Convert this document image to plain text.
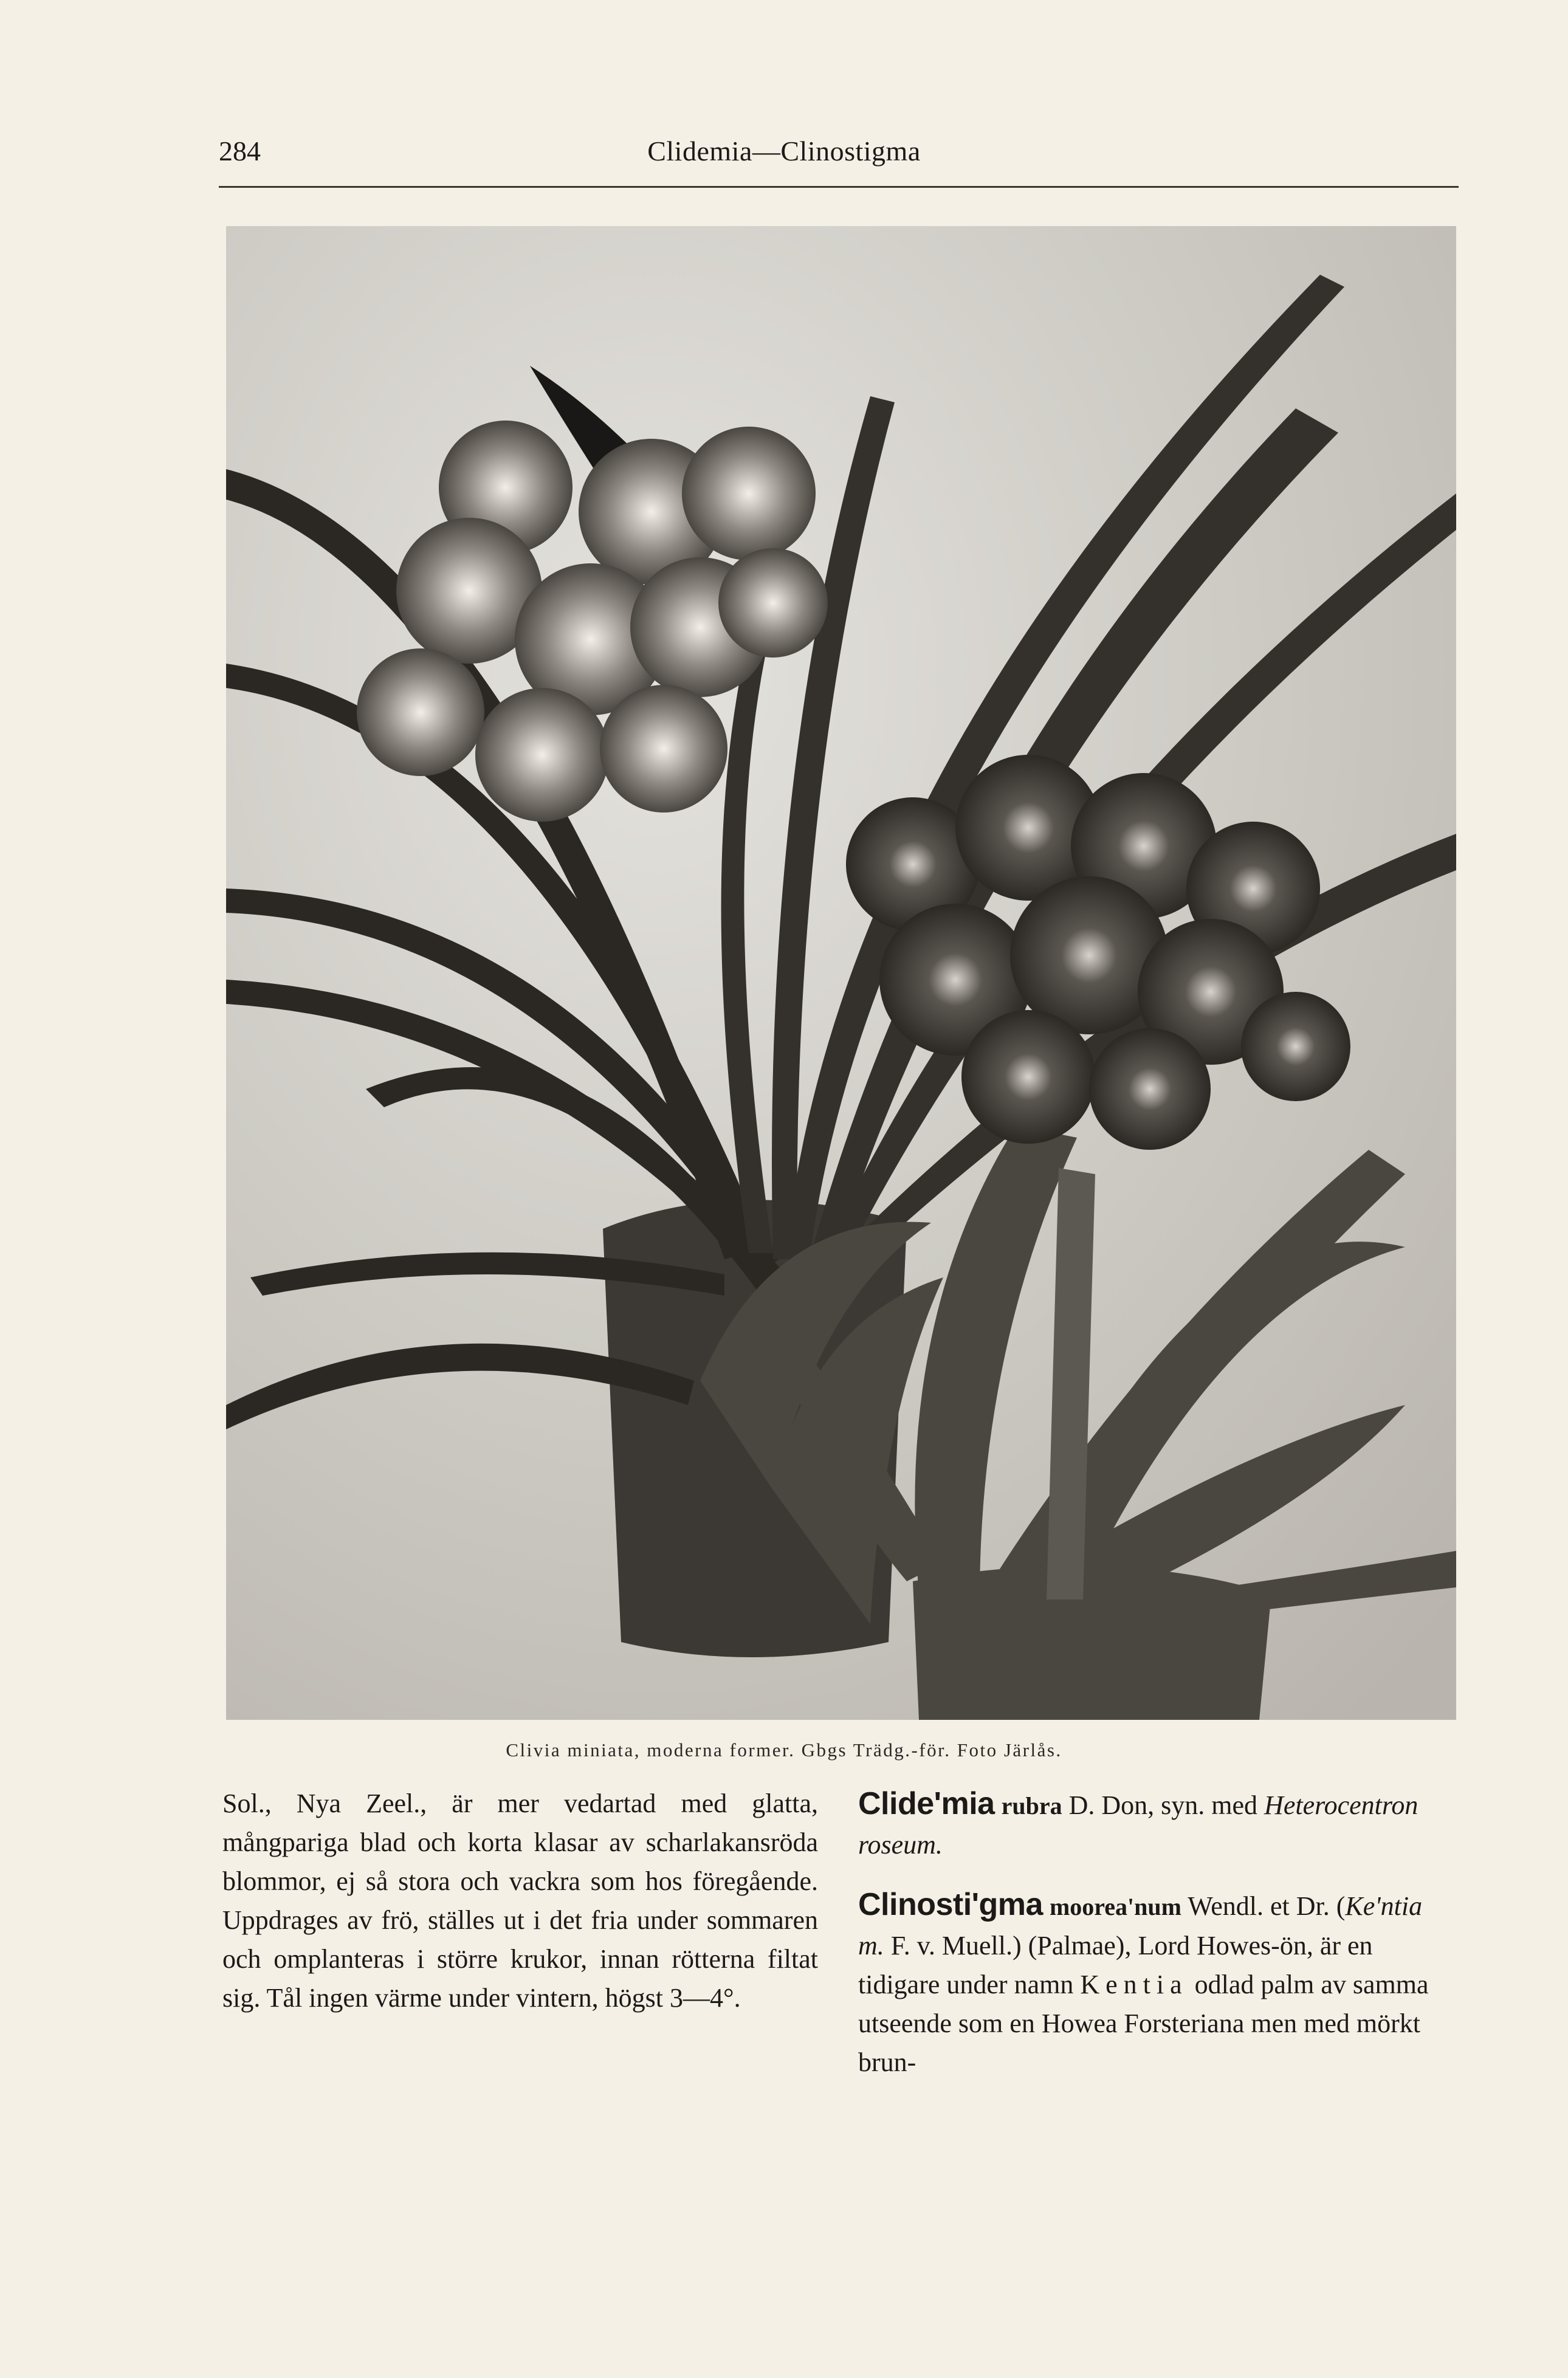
284	Clidemia—Clinostigma
Clivia miniata, moderna former. Gbgs Trädg.-för. Foto Järlås.

Sol., Nya Zeel., är mer vedartad med glatta, mångpariga blad och korta klasar av scharlakansröda blommor, ej så stora och vackra som hos föregående. Uppdrages av frö, ställes ut i det fria under sommaren och omplanteras i större krukor, innan rötterna filtat sig. Tål ingen värme under vintern, högst 3—4°.

Clide'mia rubra D. Don, syn. med Heterocentron roseum.

Clinosti'gma moorea'num Wendl. et Dr. (Ke'ntia m. F. v. Muell.) (Palmae), Lord Howes-ön, är en tidigare under namn Kentia odlad palm av samma utseende som en Howea Forsteriana men med mörkt brun-
